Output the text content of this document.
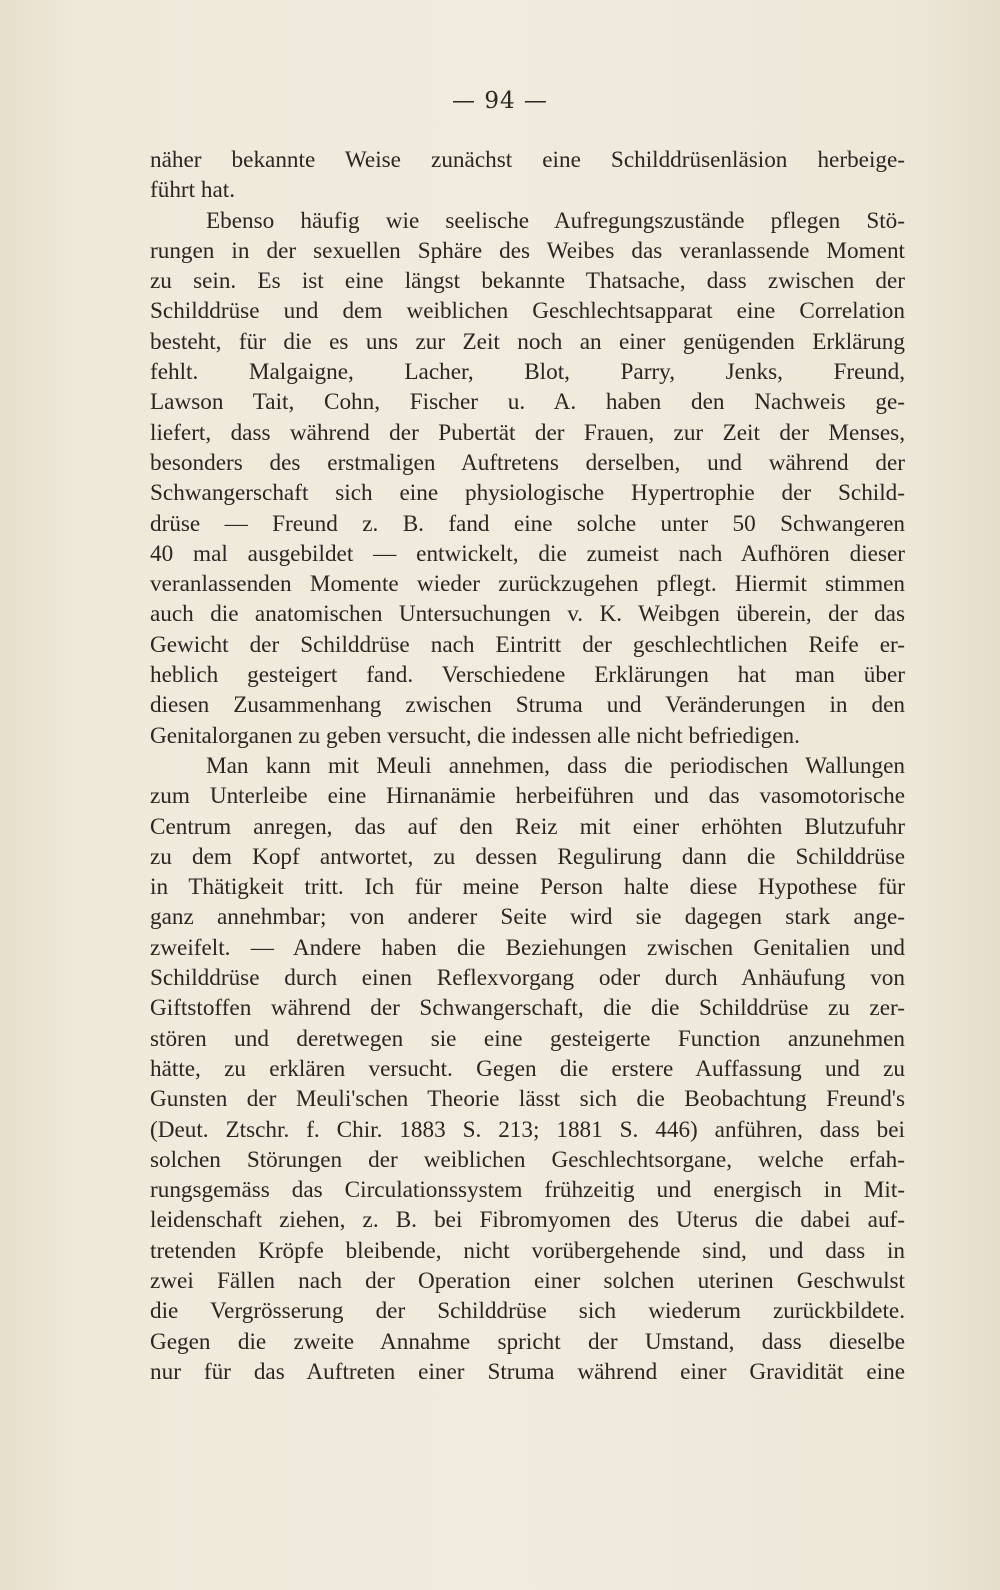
— 94 —
näher bekannte Weise zunächst eine Schilddrüsenläsion herbeige-
führt hat.
Ebenso häufig wie seelische Aufregungszustände pflegen Stö-
rungen in der sexuellen Sphäre des Weibes das veranlassende Moment
zu sein. Es ist eine längst bekannte Thatsache, dass zwischen der
Schilddrüse und dem weiblichen Geschlechtsapparat eine Correlation
besteht, für die es uns zur Zeit noch an einer genügenden Erklärung
fehlt. Malgaigne, Lacher, Blot, Parry, Jenks, Freund,
Lawson Tait, Cohn, Fischer u. A. haben den Nachweis ge-
liefert, dass während der Pubertät der Frauen, zur Zeit der Menses,
besonders des erstmaligen Auftretens derselben, und während der
Schwangerschaft sich eine physiologische Hypertrophie der Schild-
drüse — Freund z. B. fand eine solche unter 50 Schwangeren
40 mal ausgebildet — entwickelt, die zumeist nach Aufhören dieser
veranlassenden Momente wieder zurückzugehen pflegt. Hiermit stimmen
auch die anatomischen Untersuchungen v. K. Weibgen überein, der das
Gewicht der Schilddrüse nach Eintritt der geschlechtlichen Reife er-
heblich gesteigert fand. Verschiedene Erklärungen hat man über
diesen Zusammenhang zwischen Struma und Veränderungen in den
Genitalorganen zu geben versucht, die indessen alle nicht befriedigen.
Man kann mit Meuli annehmen, dass die periodischen Wallungen
zum Unterleibe eine Hirnanämie herbeiführen und das vasomotorische
Centrum anregen, das auf den Reiz mit einer erhöhten Blutzufuhr
zu dem Kopf antwortet, zu dessen Regulirung dann die Schilddrüse
in Thätigkeit tritt. Ich für meine Person halte diese Hypothese für
ganz annehmbar; von anderer Seite wird sie dagegen stark ange-
zweifelt. — Andere haben die Beziehungen zwischen Genitalien und
Schilddrüse durch einen Reflexvorgang oder durch Anhäufung von
Giftstoffen während der Schwangerschaft, die die Schilddrüse zu zer-
stören und deretwegen sie eine gesteigerte Function anzunehmen
hätte, zu erklären versucht. Gegen die erstere Auffassung und zu
Gunsten der Meuli'schen Theorie lässt sich die Beobachtung Freund's
(Deut. Ztschr. f. Chir. 1883 S. 213; 1881 S. 446) anführen, dass bei
solchen Störungen der weiblichen Geschlechtsorgane, welche erfah-
rungsgemäss das Circulationssystem frühzeitig und energisch in Mit-
leidenschaft ziehen, z. B. bei Fibromyomen des Uterus die dabei auf-
tretenden Kröpfe bleibende, nicht vorübergehende sind, und dass in
zwei Fällen nach der Operation einer solchen uterinen Geschwulst
die Vergrösserung der Schilddrüse sich wiederum zurückbildete.
Gegen die zweite Annahme spricht der Umstand, dass dieselbe
nur für das Auftreten einer Struma während einer Gravidität eine
